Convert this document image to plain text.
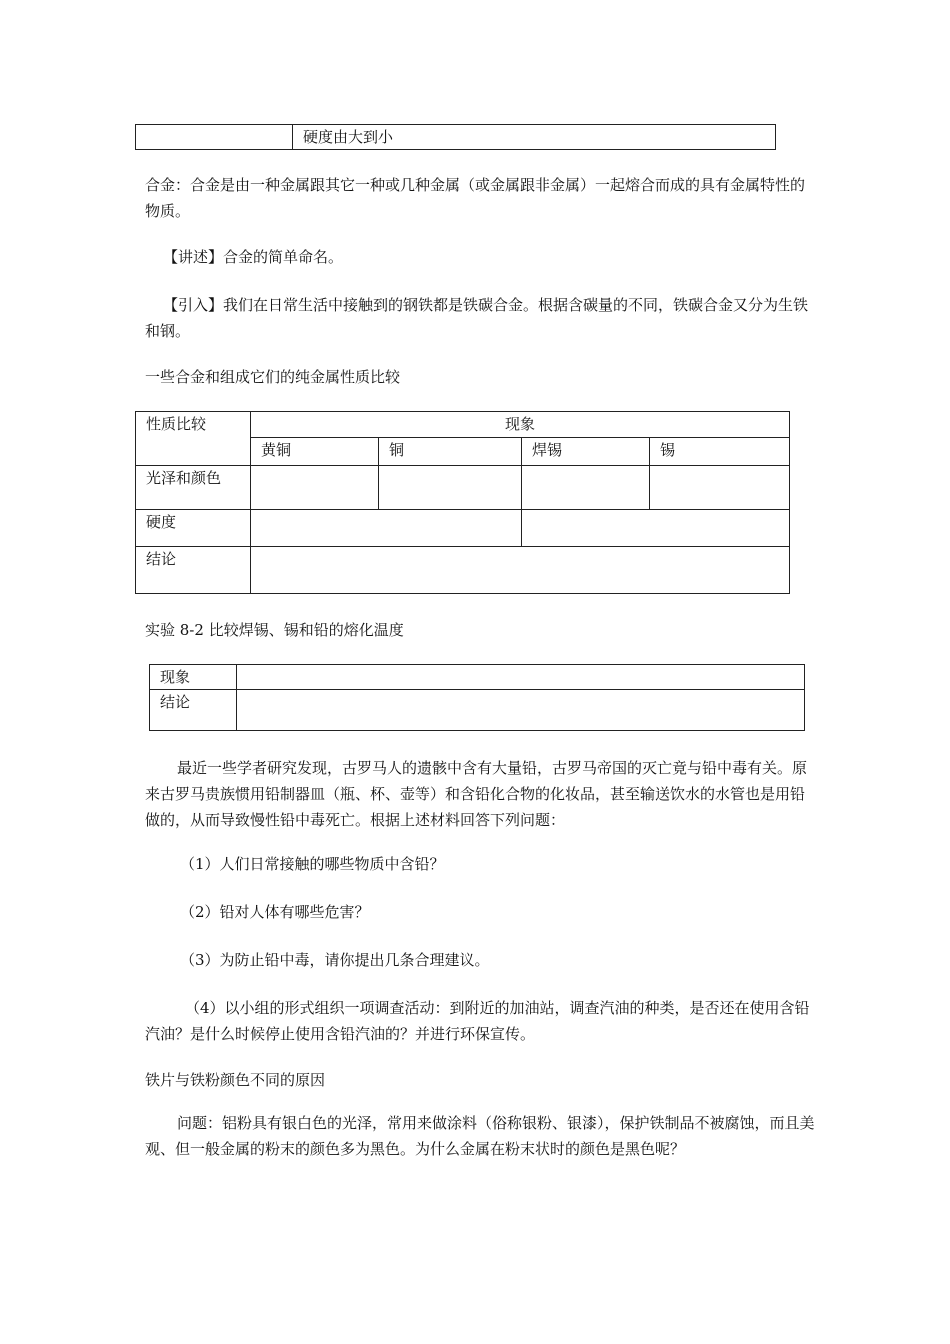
	硬度由大到小

合金：合金是由一种金属跟其它一种或几种金属（或金属跟非金属）一起熔合而成的具有金属特性的物质。

【讲述】合金的简单命名。

【引入】我们在日常生活中接触到的钢铁都是铁碳合金。根据含碳量的不同，铁碳合金又分为生铁和钢。

一些合金和组成它们的纯金属性质比较

性质比较	现象			
	黄铜	铜	焊锡	锡
光泽和颜色				
硬度				
结论				

实验 8-2 比较焊锡、锡和铅的熔化温度

现象	
结论	

最近一些学者研究发现，古罗马人的遗骸中含有大量铅，古罗马帝国的灭亡竟与铅中毒有关。原来古罗马贵族惯用铅制器皿（瓶、杯、壶等）和含铅化合物的化妆品，甚至输送饮水的水管也是用铅做的，从而导致慢性铅中毒死亡。根据上述材料回答下列问题：

（1）人们日常接触的哪些物质中含铅？

（2）铅对人体有哪些危害？

（3）为防止铅中毒，请你提出几条合理建议。

（4）以小组的形式组织一项调查活动：到附近的加油站，调查汽油的种类，是否还在使用含铅汽油？是什么时候停止使用含铅汽油的？并进行环保宣传。

铁片与铁粉颜色不同的原因

问题：铝粉具有银白色的光泽，常用来做涂料（俗称银粉、银漆），保护铁制品不被腐蚀，而且美观、但一般金属的粉末的颜色多为黑色。为什么金属在粉末状时的颜色是黑色呢？
